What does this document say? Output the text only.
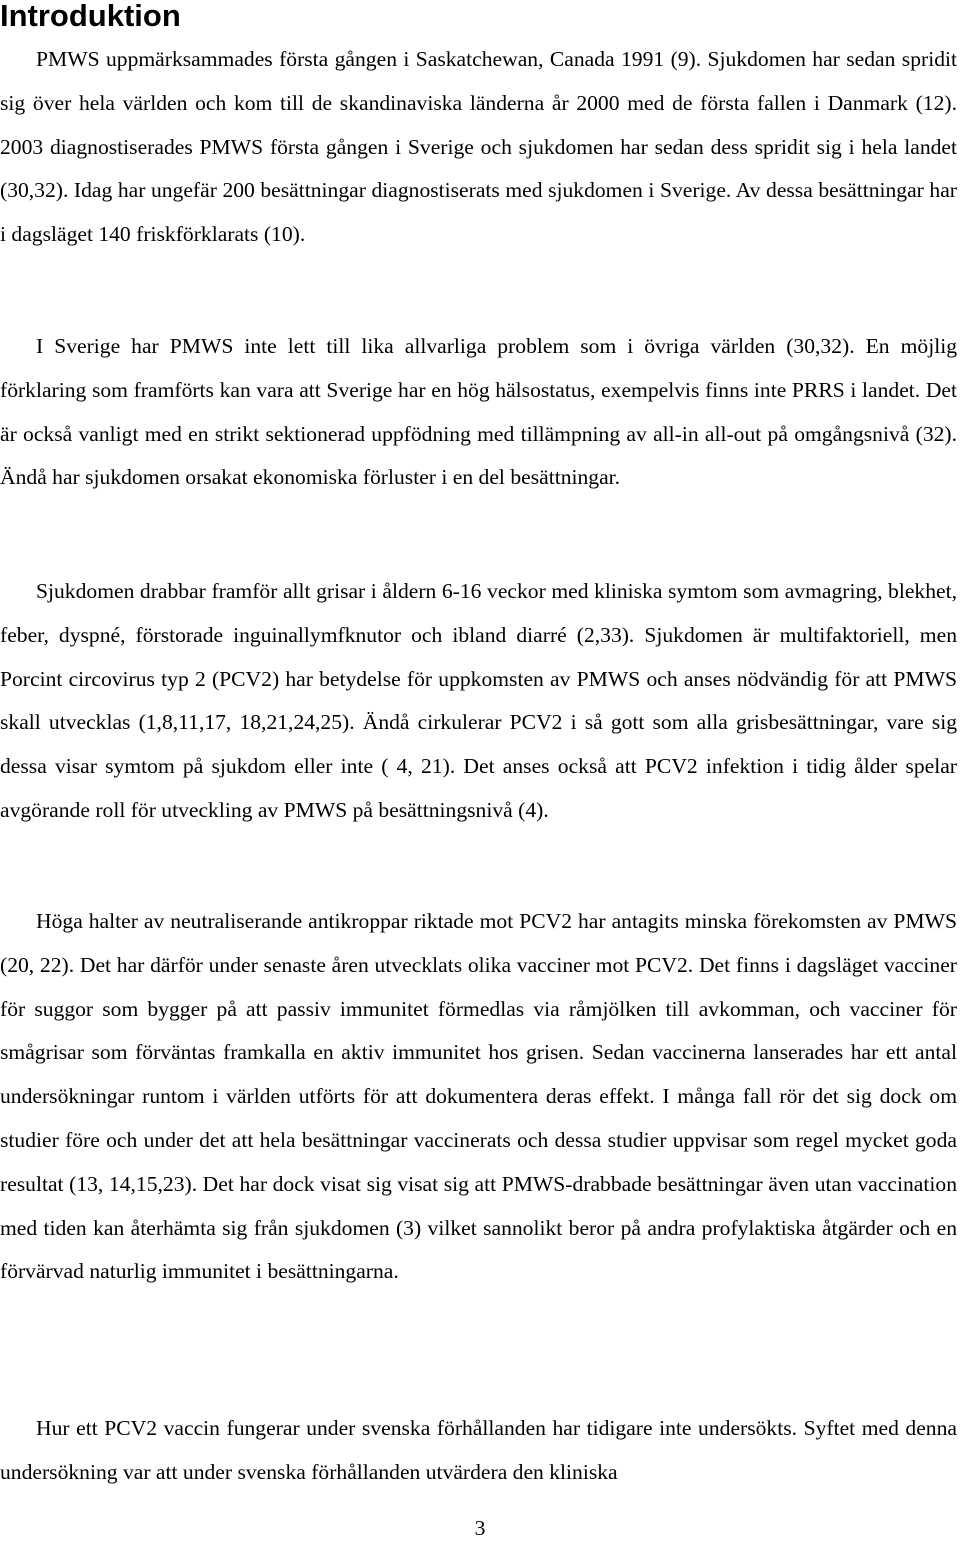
Introduktion

PMWS uppmärksammades första gången i Saskatchewan, Canada 1991 (9). Sjukdomen har sedan spridit sig över hela världen och kom till de skandinaviska länderna år 2000 med de första fallen i Danmark (12). 2003 diagnostiserades PMWS första gången i Sverige och sjukdomen har sedan dess spridit sig i hela landet (30,32). Idag har ungefär 200 besättningar diagnostiserats med sjukdomen i Sverige. Av dessa besättningar har i dagsläget 140 friskförklarats (10).

I Sverige har PMWS inte lett till lika allvarliga problem som i övriga världen (30,32). En möjlig förklaring som framförts kan vara att Sverige har en hög hälsostatus, exempelvis finns inte PRRS i landet. Det är också vanligt med en strikt sektionerad uppfödning med tillämpning av all-in all-out på omgångsnivå (32). Ändå har sjukdomen orsakat ekonomiska förluster i en del besättningar.

Sjukdomen drabbar framför allt grisar i åldern 6-16 veckor med kliniska symtom som avmagring, blekhet, feber, dyspné, förstorade inguinallymfknutor och ibland diarré (2,33). Sjukdomen är multifaktoriell, men Porcint circovirus typ 2 (PCV2) har betydelse för uppkomsten av PMWS och anses nödvändig för att PMWS skall utvecklas (1,8,11,17, 18,21,24,25). Ändå cirkulerar PCV2 i så gott som alla grisbesättningar, vare sig dessa visar symtom på sjukdom eller inte ( 4, 21). Det anses också att PCV2 infektion i tidig ålder spelar avgörande roll för utveckling av PMWS på besättningsnivå (4).

Höga halter av neutraliserande antikroppar riktade mot PCV2 har antagits minska förekomsten av PMWS (20, 22). Det har därför under senaste åren utvecklats olika vacciner mot PCV2. Det finns i dagsläget vacciner för suggor som bygger på att passiv immunitet förmedlas via råmjölken till avkomman, och vacciner för smågrisar som förväntas framkalla en aktiv immunitet hos grisen. Sedan vaccinerna lanserades har ett antal undersökningar runtom i världen utförts för att dokumentera deras effekt. I många fall rör det sig dock om studier före och under det att hela besättningar vaccinerats och dessa studier uppvisar som regel mycket goda resultat (13, 14,15,23). Det har dock visat sig visat sig att PMWS-drabbade besättningar även utan vaccination med tiden kan återhämta sig från sjukdomen (3) vilket sannolikt beror på andra profylaktiska åtgärder och en förvärvad naturlig immunitet i besättningarna.

Hur ett PCV2 vaccin fungerar under svenska förhållanden har tidigare inte undersökts. Syftet med denna undersökning var att under svenska förhållanden utvärdera den kliniska

3
